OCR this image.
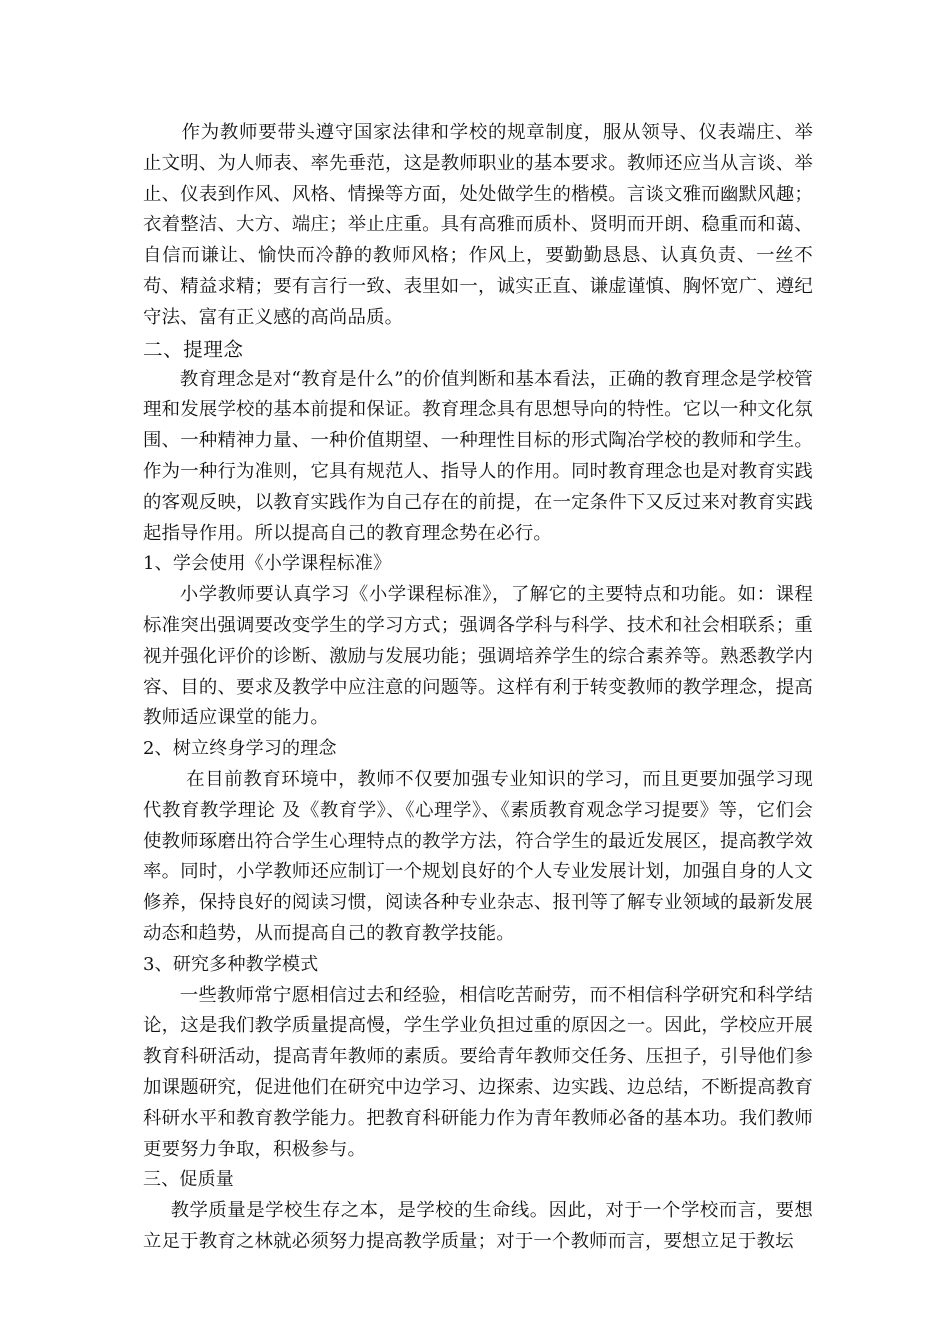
作为教师要带头遵守国家法律和学校的规章制度，服从领导、仪表端庄、举止文明、为人师表、率先垂范，这是教师职业的基本要求。教师还应当从言谈、举止、仪表到作风、风格、情操等方面，处处做学生的楷模。言谈文雅而幽默风趣；衣着整洁、大方、端庄；举止庄重。具有高雅而质朴、贤明而开朗、稳重而和蔼、自信而谦让、愉快而冷静的教师风格；作风上，要勤勤恳恳、认真负责、一丝不苟、精益求精；要有言行一致、表里如一，诚实正直、谦虚谨慎、胸怀宽广、遵纪守法、富有正义感的高尚品质。

二、提理念

教育理念是对“教育是什么”的价值判断和基本看法，正确的教育理念是学校管理和发展学校的基本前提和保证。教育理念具有思想导向的特性。它以一种文化氛围、一种精神力量、一种价值期望、一种理性目标的形式陶冶学校的教师和学生。作为一种行为准则，它具有规范人、指导人的作用。同时教育理念也是对教育实践的客观反映，以教育实践作为自己存在的前提，在一定条件下又反过来对教育实践起指导作用。所以提高自己的教育理念势在必行。

1、学会使用《小学课程标准》

小学教师要认真学习《小学课程标准》，了解它的主要特点和功能。如：课程标准突出强调要改变学生的学习方式；强调各学科与科学、技术和社会相联系；重视并强化评价的诊断、激励与发展功能；强调培养学生的综合素养等。熟悉教学内容、目的、要求及教学中应注意的问题等。这样有利于转变教师的教学理念，提高教师适应课堂的能力。

2、树立终身学习的理念

在目前教育环境中，教师不仅要加强专业知识的学习，而且更要加强学习现代教育教学理论 及《教育学》、《心理学》、《素质教育观念学习提要》等，它们会使教师琢磨出符合学生心理特点的教学方法，符合学生的最近发展区，提高教学效率。同时，小学教师还应制订一个规划良好的个人专业发展计划，加强自身的人文修养，保持良好的阅读习惯，阅读各种专业杂志、报刊等了解专业领域的最新发展动态和趋势，从而提高自己的教育教学技能。

3、研究多种教学模式

一些教师常宁愿相信过去和经验，相信吃苦耐劳，而不相信科学研究和科学结论，这是我们教学质量提高慢，学生学业负担过重的原因之一。因此，学校应开展教育科研活动，提高青年教师的素质。要给青年教师交任务、压担子，引导他们参加课题研究，促进他们在研究中边学习、边探索、边实践、边总结，不断提高教育科研水平和教育教学能力。把教育科研能力作为青年教师必备的基本功。我们教师更要努力争取，积极参与。

三、促质量

教学质量是学校生存之本，是学校的生命线。因此，对于一个学校而言，要想立足于教育之林就必须努力提高教学质量；对于一个教师而言，要想立足于教坛
